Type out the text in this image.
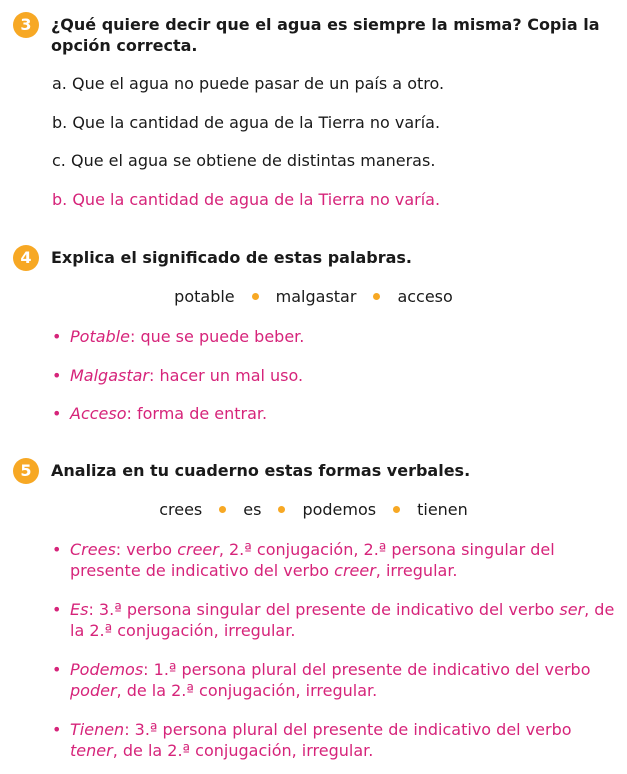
3	¿Qué quiere decir que el agua es siempre la misma? Copia la opción correcta.
a. Que el agua no puede pasar de un país a otro.
b. Que la cantidad de agua de la Tierra no varía.
c. Que el agua se obtiene de distintas maneras.
b. Que la cantidad de agua de la Tierra no varía.
4	Explica el significado de estas palabras.
potable	malgastar	acceso
• Potable: que se puede beber.
• Malgastar: hacer un mal uso.
• Acceso: forma de entrar.
5	Analiza en tu cuaderno estas formas verbales.
crees	es	podemos	tienen
• Crees: verbo creer, 2.ª conjugación, 2.ª persona singular del presente de indicativo del verbo creer, irregular.
• Es: 3.ª persona singular del presente de indicativo del verbo ser, de la 2.ª conjugación, irregular.
• Podemos: 1.ª persona plural del presente de indicativo del verbo poder, de la 2.ª conjugación, irregular.
• Tienen: 3.ª persona plural del presente de indicativo del verbo tener, de la 2.ª conjugación, irregular.
